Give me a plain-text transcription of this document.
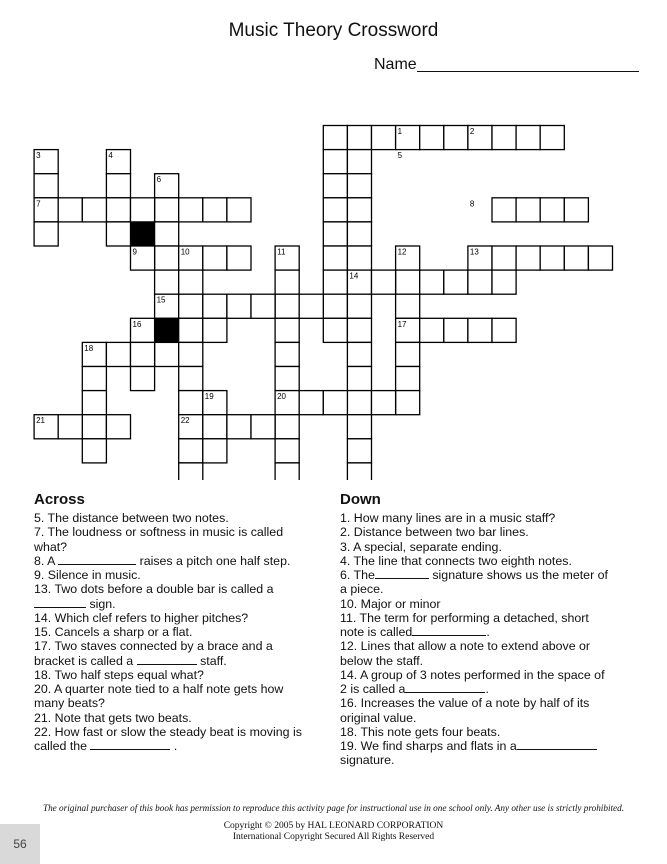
Music Theory Crossword
Name
1	2
3	4	5
6
7	8
9	10	11	12	13
14
15
16	17
18
19	20
21	22
Across
5. The distance between two notes.
7. The loudness or softness in music is called
what?
8. A	raises a pitch one half step.
9. Silence in music.
13. Two dots before a double bar is called a
sign.
14. Which clef refers to higher pitches?
15. Cancels a sharp or a flat.
17. Two staves connected by a brace and a
bracket is called a	staff.
18. Two half steps equal what?
20. A quarter note tied to a half note gets how
many beats?
21. Note that gets two beats.
22. How fast or slow the steady beat is moving is
called the	.
Down
1. How many lines are in a music staff?
2. Distance between two bar lines.
3. A special, separate ending.
4. The line that connects two eighth notes.
6. The	signature shows us the meter of
a piece.
10. Major or minor
11. The term for performing a detached, short
note is called	.
12. Lines that allow a note to extend above or
below the staff.
14. A group of 3 notes performed in the space of
2 is called a	.
16. Increases the value of a note by half of its
original value.
18. This note gets four beats.
19. We find sharps and flats in a
signature.
The original purchaser of this book has permission to reproduce this activity page for instructional use in one school only. Any other use is strictly prohibited.
Copyright © 2005 by HAL LEONARD CORPORATION
International Copyright Secured All Rights Reserved
56
